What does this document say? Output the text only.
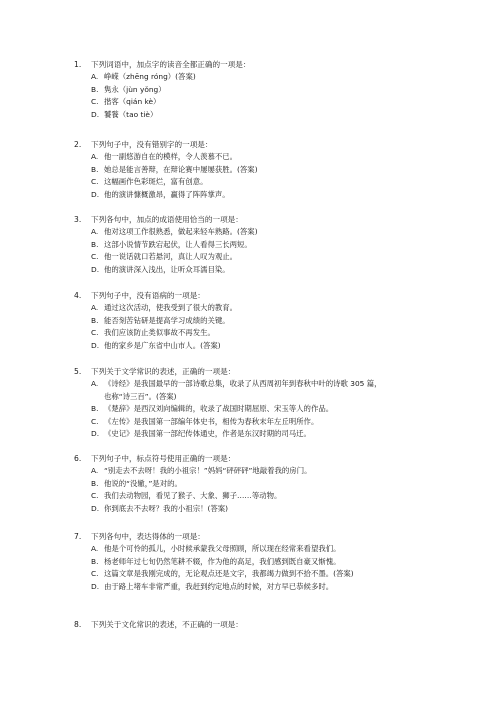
1. 下列词语中，加点字的读音全都正确的一项是：
A. 峥嵘（zhēng róng）(答案)
B. 隽永（jùn yǒng）
C. 揩客（qián kè）
D. 饕餮（tao tiè）
2. 下列句子中，没有错别字的一项是：
A. 他一副悠游自在的模样，令人羡慕不已。
B. 她总是能言善辩，在辩论赛中屡屡获胜。(答案)
C. 这幅画作色彩斑烂，富有创意。
D. 他的演讲慷概激昂，赢得了阵阵掌声。
3. 下列各句中，加点的成语使用恰当的一项是：
A. 他对这项工作很熟悉，做起来轻车熟路。(答案)
B. 这部小说情节跌宕起伏，让人看得三长两短。
C. 他一说话就口若悬河，真让人叹为观止。
D. 他的演讲深入浅出，让听众耳濡目染。
4. 下列句子中，没有语病的一项是：
A. 通过这次活动，使我受到了很大的教育。
B. 能否刻苦钻研是提高学习成绩的关键。
C. 我们应该防止类似事故不再发生。
D. 他的家乡是广东省中山市人。(答案)
5. 下列关于文学常识的表述，正确的一项是：
A. 《诗经》是我国最早的一部诗歌总集，收录了从西周初年到春秋中叶的诗歌 305 篇，
也称“诗三百”。(答案)
B. 《楚辞》是西汉刘向编辑的，收录了战国时期屈原、宋玉等人的作品。
C. 《左传》是我国第一部编年体史书，相传为春秋末年左丘明所作。
D. 《史记》是我国第一部纪传体通史，作者是东汉时期的司马迁。
6. 下列句子中，标点符号使用正确的一项是：
A. “别走去不去呀！我的小祖宗！”妈妈“砰砰砰”地敲着我的房门。
B. 他说的“没辙，”是对的。
C. 我们去动物园，看见了猴子、大象、狮子……等动物。
D. 你到底去不去呀？我的小祖宗！(答案)
7. 下列各句中，表达得体的一项是：
A. 他是个可怜的孤儿，小时候承蒙我父母照顾，所以现在经常来看望我们。
B. 杨老师年过七旬仍然笔耕不辍，作为他的高足，我们感到既自豪又惭愧。
C. 这篇文章是我刚完成的，无论观点还是文字，我都竭力做到不拾不墨。(答案)
D. 由于路上堵车非常严重，我赶到约定地点的时候，对方早已恭候多时。
8. 下列关于文化常识的表述，不正确的一项是：
